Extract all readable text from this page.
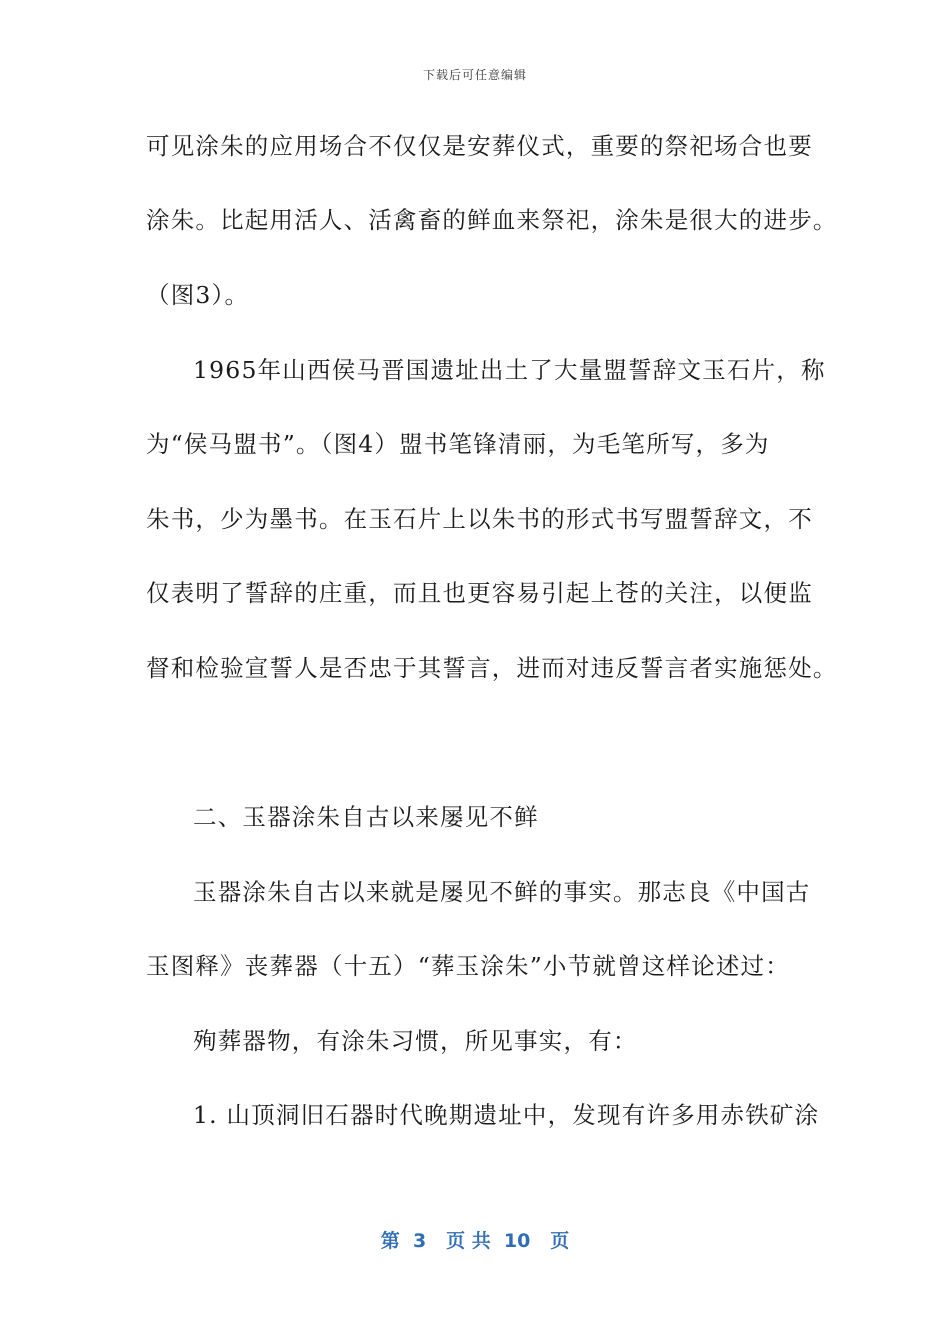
下载后可任意编辑
可见涂朱的应用场合不仅仅是安葬仪式，重要的祭祀场合也要
涂朱。比起用活人、活禽畜的鲜血来祭祀，涂朱是很大的进步。
（图3）。
1965年山西侯马晋国遗址出土了大量盟誓辞文玉石片，称
为“侯马盟书”。（图4）盟书笔锋清丽，为毛笔所写，多为
朱书，少为墨书。在玉石片上以朱书的形式书写盟誓辞文，不
仅表明了誓辞的庄重，而且也更容易引起上苍的关注，以便监
督和检验宣誓人是否忠于其誓言，进而对违反誓言者实施惩处。
二、玉器涂朱自古以来屡见不鲜
玉器涂朱自古以来就是屡见不鲜的事实。那志良《中国古
玉图释》丧葬器（十五）“葬玉涂朱”小节就曾这样论述过：
殉葬器物，有涂朱习惯，所见事实，有：
1. 山顶洞旧石器时代晚期遗址中，发现有许多用赤铁矿涂
第  3   页 共  10   页
